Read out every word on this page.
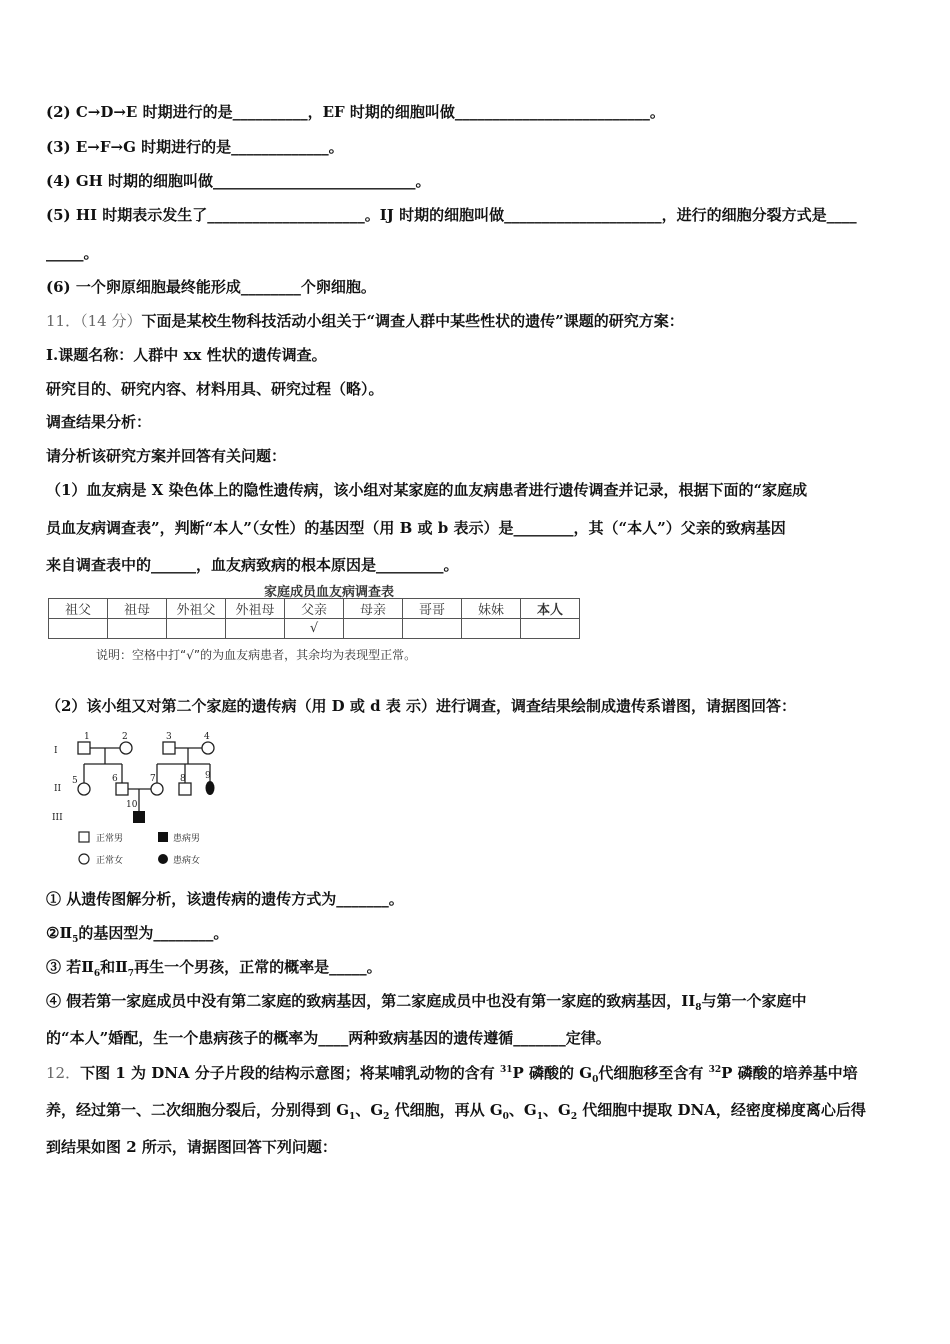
(2) C→D→E 时期进行的是__________，EF 时期的细胞叫做__________________________。
(3) E→F→G 时期进行的是_____________。
(4) GH 时期的细胞叫做___________________________。
(5) HI 时期表示发生了_____________________。IJ 时期的细胞叫做_____________________，进行的细胞分裂方式是____
_____。
(6) 一个卵原细胞最终能形成________个卵细胞。
11．（14 分）下面是某校生物科技活动小组关于“调查人群中某些性状的遗传”课题的研究方案：
I.课题名称：人群中 xx 性状的遗传调查。
研究目的、研究内容、材料用具、研究过程（略）。
调查结果分析：
请分析该研究方案并回答有关问题：
（1）血友病是 X 染色体上的隐性遗传病，该小组对某家庭的血友病患者进行遗传调查并记录，根据下面的“家庭成
员血友病调查表”，判断“本人”（女性）的基因型（用 B 或 b 表示）是________，其（“本人”）父亲的致病基因
来自调查表中的______，血友病致病的根本原因是_________。
家庭成员血友病调查表
祖父	祖母	外祖父	外祖母	父亲	母亲	哥哥	妹妹	本人
				√				
说明：空格中打“√”的为血友病患者，其余均为表现型正常。
（2）该小组又对第二个家庭的遗传病（用 D 或 d 表 示）进行调查，调查结果绘制成遗传系谱图，请据图回答：
I
II
III
1	2	3	4
5	6	7	8 9
10
正常男	患病男
正常女	患病女
① 从遗传图解分析，该遗传病的遗传方式为_______。
$②Ⅱ_5$的基因型为________。
③ 若$Ⅱ_6$和$Ⅱ_7$再生一个男孩，正常的概率是_____。
④ 假若第一家庭成员中没有第二家庭的致病基因，第二家庭成员中也没有第一家庭的致病基因，$II_8$与第一个家庭中
的“本人”婚配，生一个患病孩子的概率为____两种致病基因的遗传遵循_______定律。
12．下图 1 为 DNA 分子片段的结构示意图；将某哺乳动物的含有 $^{31}$P 磷酸的 $G_0$代细胞移至含有 $^{32}$P 磷酸的培养基中培
养，经过第一、二次细胞分裂后，分别得到 $G_1$、$G_2$ 代细胞，再从 $G_0$、$G_1$、$G_2$ 代细胞中提取 DNA，经密度梯度离心后得
到结果如图 2 所示，请据图回答下列问题：
